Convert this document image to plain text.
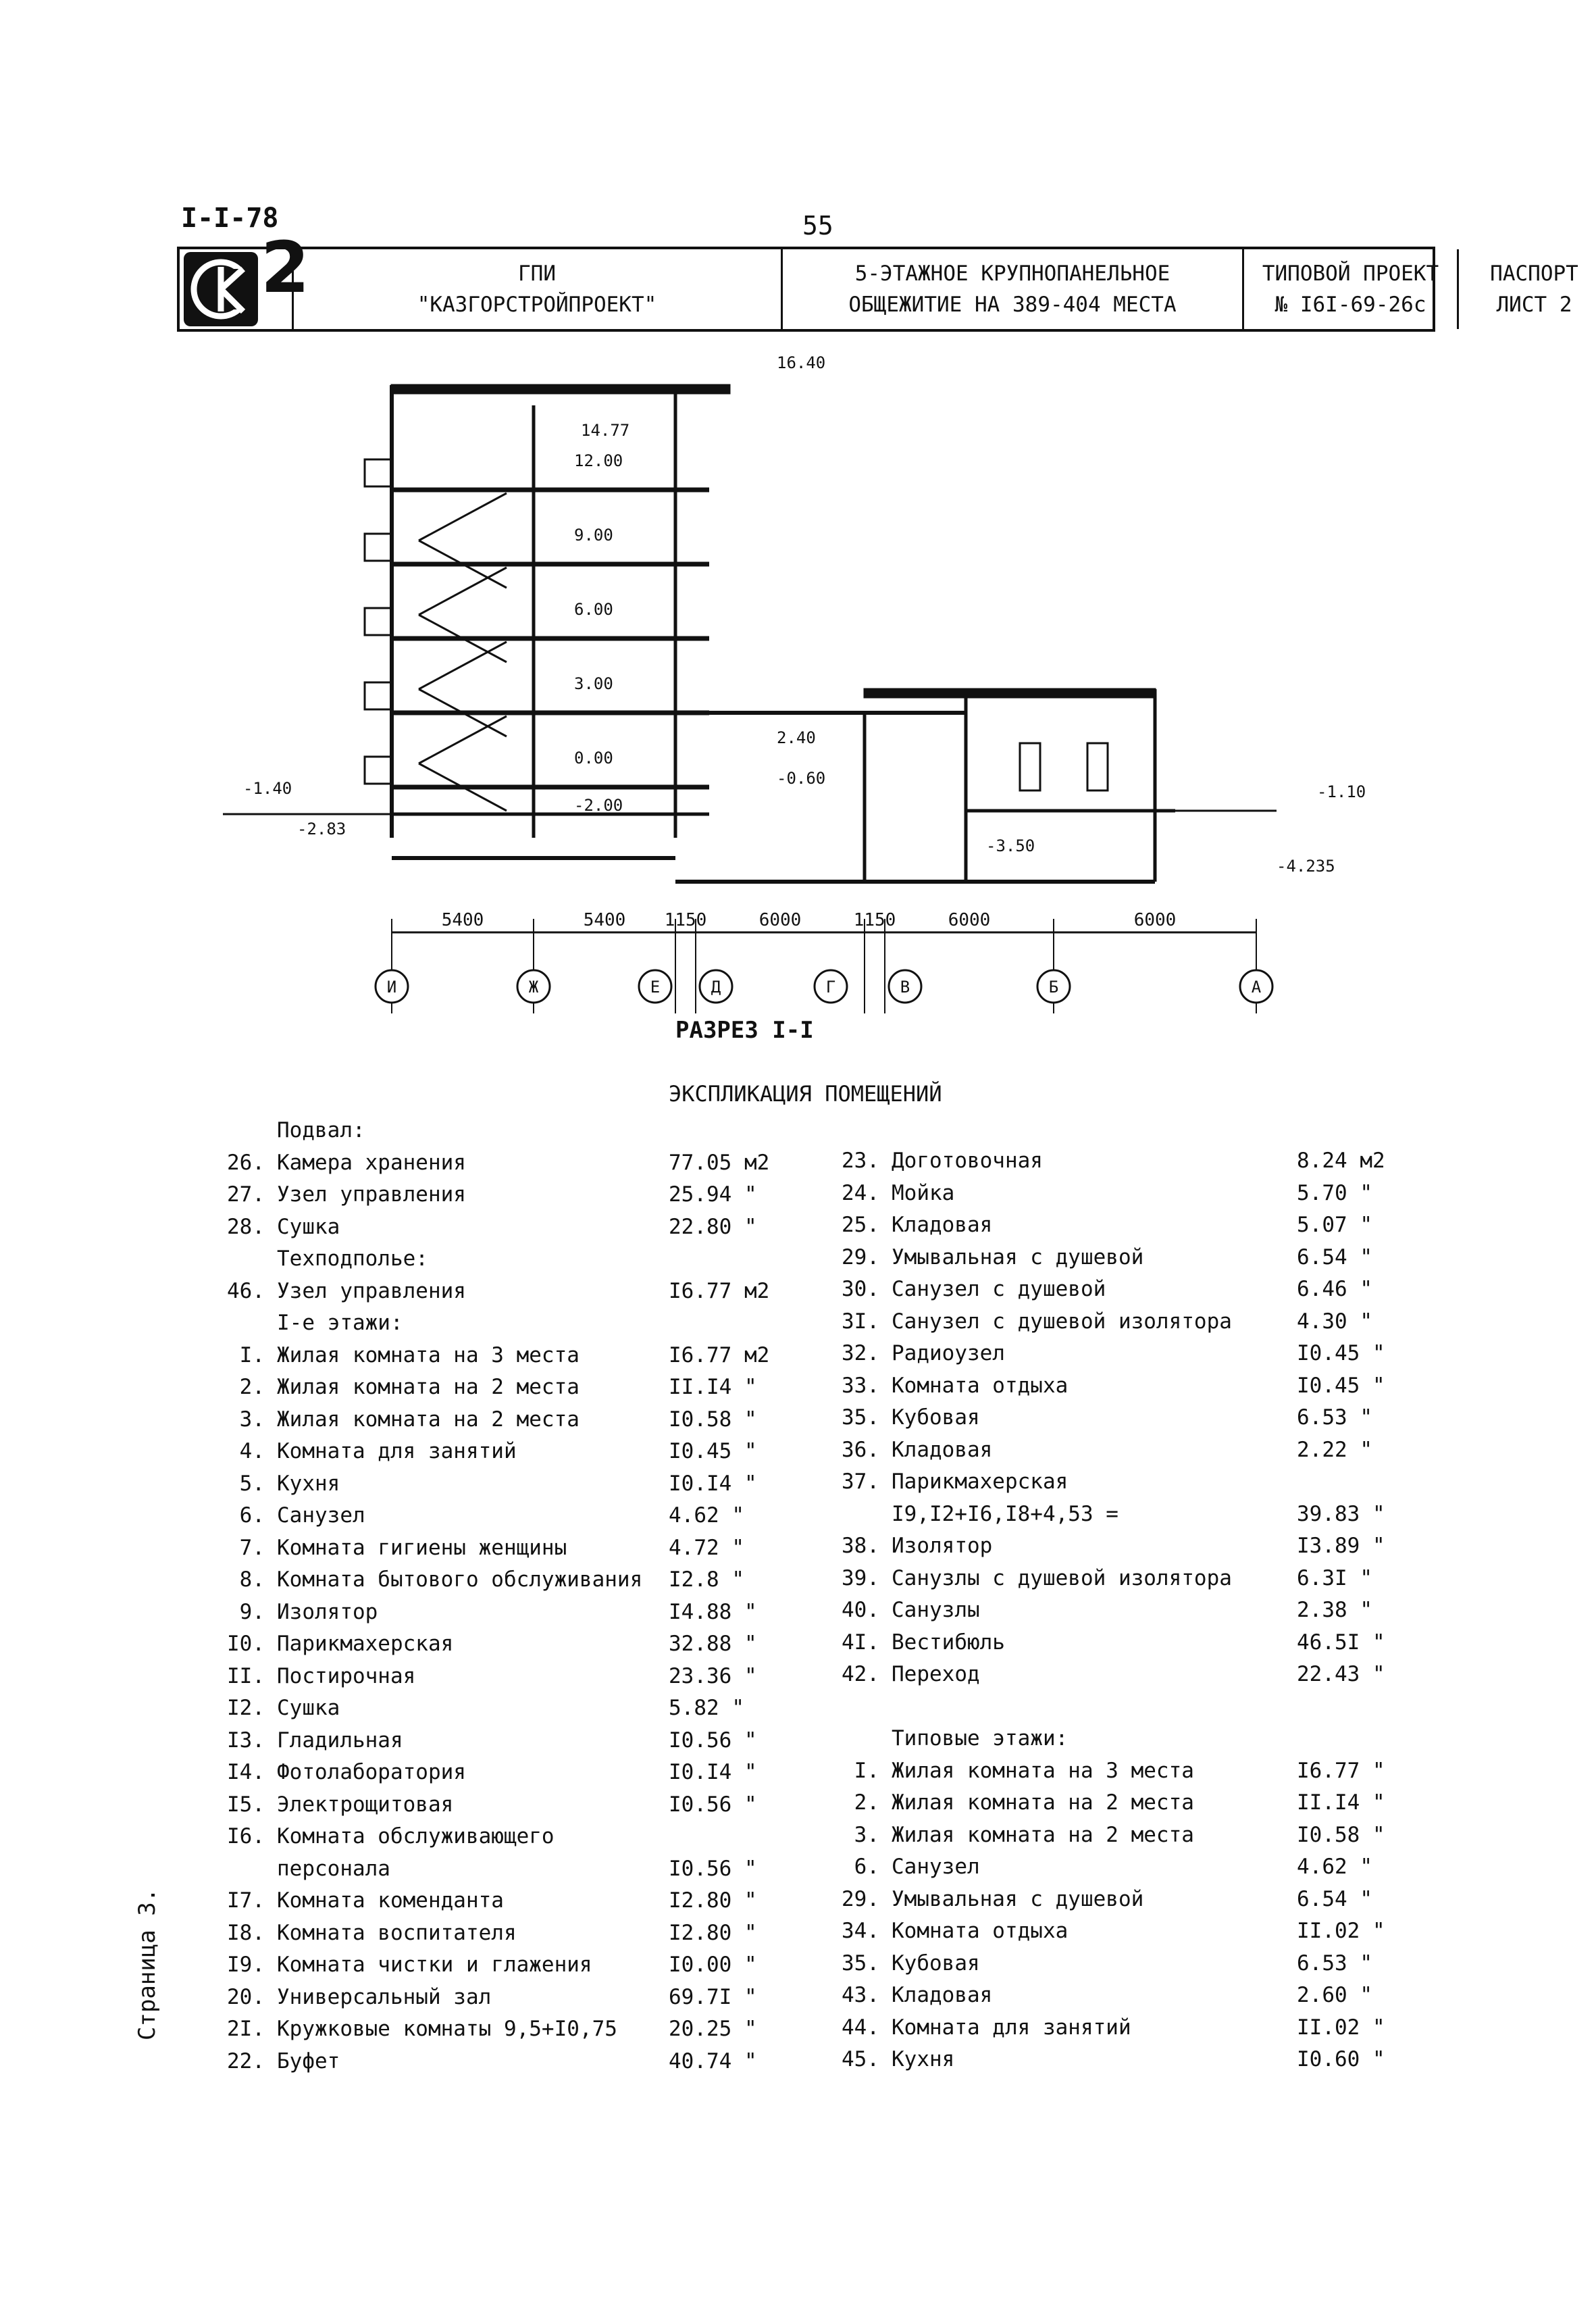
I-I-78	55
2	ГПИ
"КАЗГОРСТРОЙПРОЕКТ"
5-ЭТАЖНОЕ КРУПНОПАНЕЛЬНОЕ
ОБЩЕЖИТИЕ НА 389-404 МЕСТА
ТИПОВОЙ ПРОЕКТ
№ I6I-69-26с
ПАСПОРТ
ЛИСТ 2
И	Ж	Е	Д	Г	В	Б	А
16.40
14.77
12.00
9.00
6.00
3.00
0.00
-2.00
-1.40
-2.83
2.40
-0.60
-3.50
-1.10
-4.235
5400	5400 1150	6000	1150	6000	6000
РАЗРЕЗ I-I
ЭКСПЛИКАЦИЯ ПОМЕЩЕНИЙ
Подвал:
26. Камера хранения	77.05 м2
27. Узел управления	25.94 "
28. Сушка	22.80 "
Техподполье:
46. Узел управления	I6.77 м2
I-е этажи:
I. Жилая комната на 3 места	I6.77 м2
2. Жилая комната на 2 места	II.I4 "
3. Жилая комната на 2 места	I0.58 "
4. Комната для занятий	I0.45 "
5. Кухня	I0.I4 "
6. Санузел	4.62 "
7. Комната гигиены женщины	4.72 "
8. Комната бытового обслуживания I2.8 "
9. Изолятор	I4.88 "
I0. Парикмахерская	32.88 "
II. Постирочная	23.36 "
I2. Сушка	5.82 "
I3. Гладильная	I0.56 "
I4. Фотолаборатория	I0.I4 "
I5. Электрощитовая	I0.56 "
I6. Комната обслуживающего
персонала	I0.56 "
I7. Комната коменданта	I2.80 "
I8. Комната воспитателя	I2.80 "
I9. Комната чистки и глажения	I0.00 "
20. Универсальный зал	69.7I "
2I. Кружковые комнаты 9,5+I0,75 20.25 "
22. Буфет	40.74 "
23. Доготовочная	8.24 м2
24. Мойка	5.70 "
25. Кладовая	5.07 "
29. Умывальная с душевой	6.54 "
30. Санузел с душевой	6.46 "
3I. Санузел с душевой изолятора	4.30 "
32. Радиоузел	I0.45 "
33. Комната отдыха	I0.45 "
35. Кубовая	6.53 "
36. Кладовая	2.22 "
37. Парикмахерская
I9,I2+I6,I8+4,53 =	39.83 "
38. Изолятор	I3.89 "
39. Санузлы с душевой изолятора	6.3I "
40. Санузлы	2.38 "
4I. Вестибюль	46.5I "
42. Переход	22.43 "
Типовые этажи:
I. Жилая комната на 3 места	I6.77 "
2. Жилая комната на 2 места	II.I4 "
3. Жилая комната на 2 места	I0.58 "
6. Санузел	4.62 "
29. Умывальная с душевой	6.54 "
34. Комната отдыха	II.02 "
35. Кубовая	6.53 "
43. Кладовая	2.60 "
44. Комната для занятий	II.02 "
45. Кухня	I0.60 "
Страница 3.
